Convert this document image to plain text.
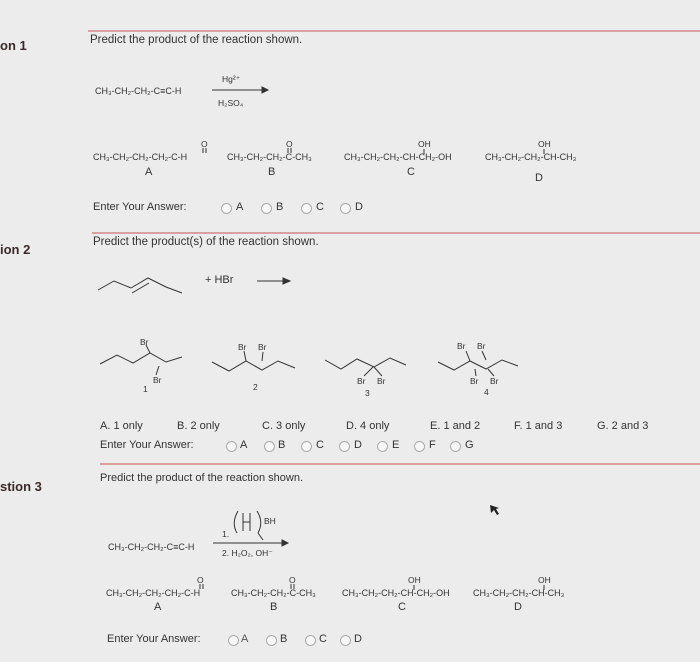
on 1	Predict the product of the reaction shown.
CH₃-CH₂-CH₂-C≡C-H
Hg²⁺
H₂SO₄
O
CH₃-CH₂-CH₂-CH₂-C-H
A
O
CH₃-CH₂-CH₂-C-CH₃
B
OH
CH₃-CH₂-CH₂-CH-CH₂-OH
C
OH
CH₃-CH₂-CH₂-CH-CH₃
D
Enter Your Answer:	A	B	C	D
ion 2	Predict the product(s) of the reaction shown.
+ HBr
Br
Br
1
Br Br
2
Br Br
3
Br Br
Br Br
4
A. 1 only	B. 2 only	C. 3 only	D. 4 only	E. 1 and 2	F. 1 and 3	G. 2 and 3
Enter Your Answer:	A	B	C	D	E	F	G
stion 3
Predict the product of the reaction shown.
CH₃-CH₂-CH₂-C≡C-H
1.
BH
2. H₂O₂, OH⁻
O
CH₃-CH₂-CH₂-CH₂-C-H
A
O
CH₃-CH₂-CH₂-C-CH₃
B
OH
CH₃-CH₂-CH₂-CH-CH₂-OH
C
OH
CH₃-CH₂-CH₂-CH-CH₃
D
Enter Your Answer:	A	B	C D
